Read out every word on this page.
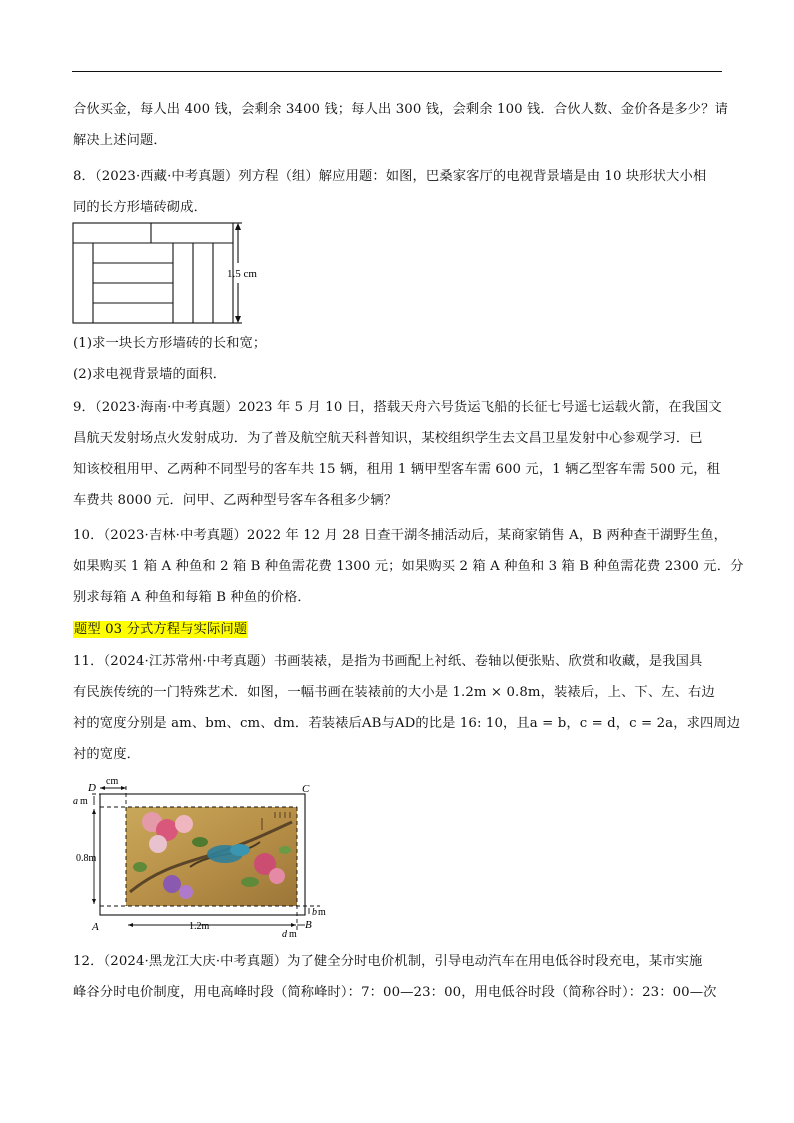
合伙买金，每人出 400 钱，会剩余 3400 钱；每人出 300 钱，会剩余 100 钱．合伙人数、金价各是多少？请
解决上述问题．
8．（2023·西藏·中考真题）列方程（组）解应用题：如图，巴桑家客厅的电视背景墙是由 10 块形状大小相
同的长方形墙砖砌成．
1.5 cm
(1)求一块长方形墙砖的长和宽；
(2)求电视背景墙的面积．
9．（2023·海南·中考真题）2023 年 5 月 10 日，搭载天舟六号货运飞船的长征七号遥七运载火箭，在我国文
昌航天发射场点火发射成功．为了普及航空航天科普知识，某校组织学生去文昌卫星发射中心参观学习．已
知该校租用甲、乙两种不同型号的客车共 15 辆，租用 1 辆甲型客车需 600 元，1 辆乙型客车需 500 元，租
车费共 8000 元．问甲、乙两种型号客车各租多少辆？
10．（2023·吉林·中考真题）2022 年 12 月 28 日查干湖冬捕活动后，某商家销售 A，B 两种查干湖野生鱼，
如果购买 1 箱 A 种鱼和 2 箱 B 种鱼需花费 1300 元；如果购买 2 箱 A 种鱼和 3 箱 B 种鱼需花费 2300 元．分
别求每箱 A 种鱼和每箱 B 种鱼的价格．
题型 03 分式方程与实际问题
11．（2024·江苏常州·中考真题）书画装裱，是指为书画配上衬纸、卷轴以便张贴、欣赏和收藏，是我国具
有民族传统的一门特殊艺术．如图，一幅书画在装裱前的大小是 1.2m × 0.8m，装裱后，上、下、左、右边
衬的宽度分别是 am、bm、cm、dm．若装裱后AB与AD的比是 16: 10，且a = b，c = d，c = 2a，求四周边
衬的宽度．
D	C
A	B
cm
a m
0.8m
1.2m
b m
d m
12．（2024·黑龙江大庆·中考真题）为了健全分时电价机制，引导电动汽车在用电低谷时段充电，某市实施
峰谷分时电价制度，用电高峰时段（简称峰时）：7：00—23：00，用电低谷时段（简称谷时）：23：00—次
